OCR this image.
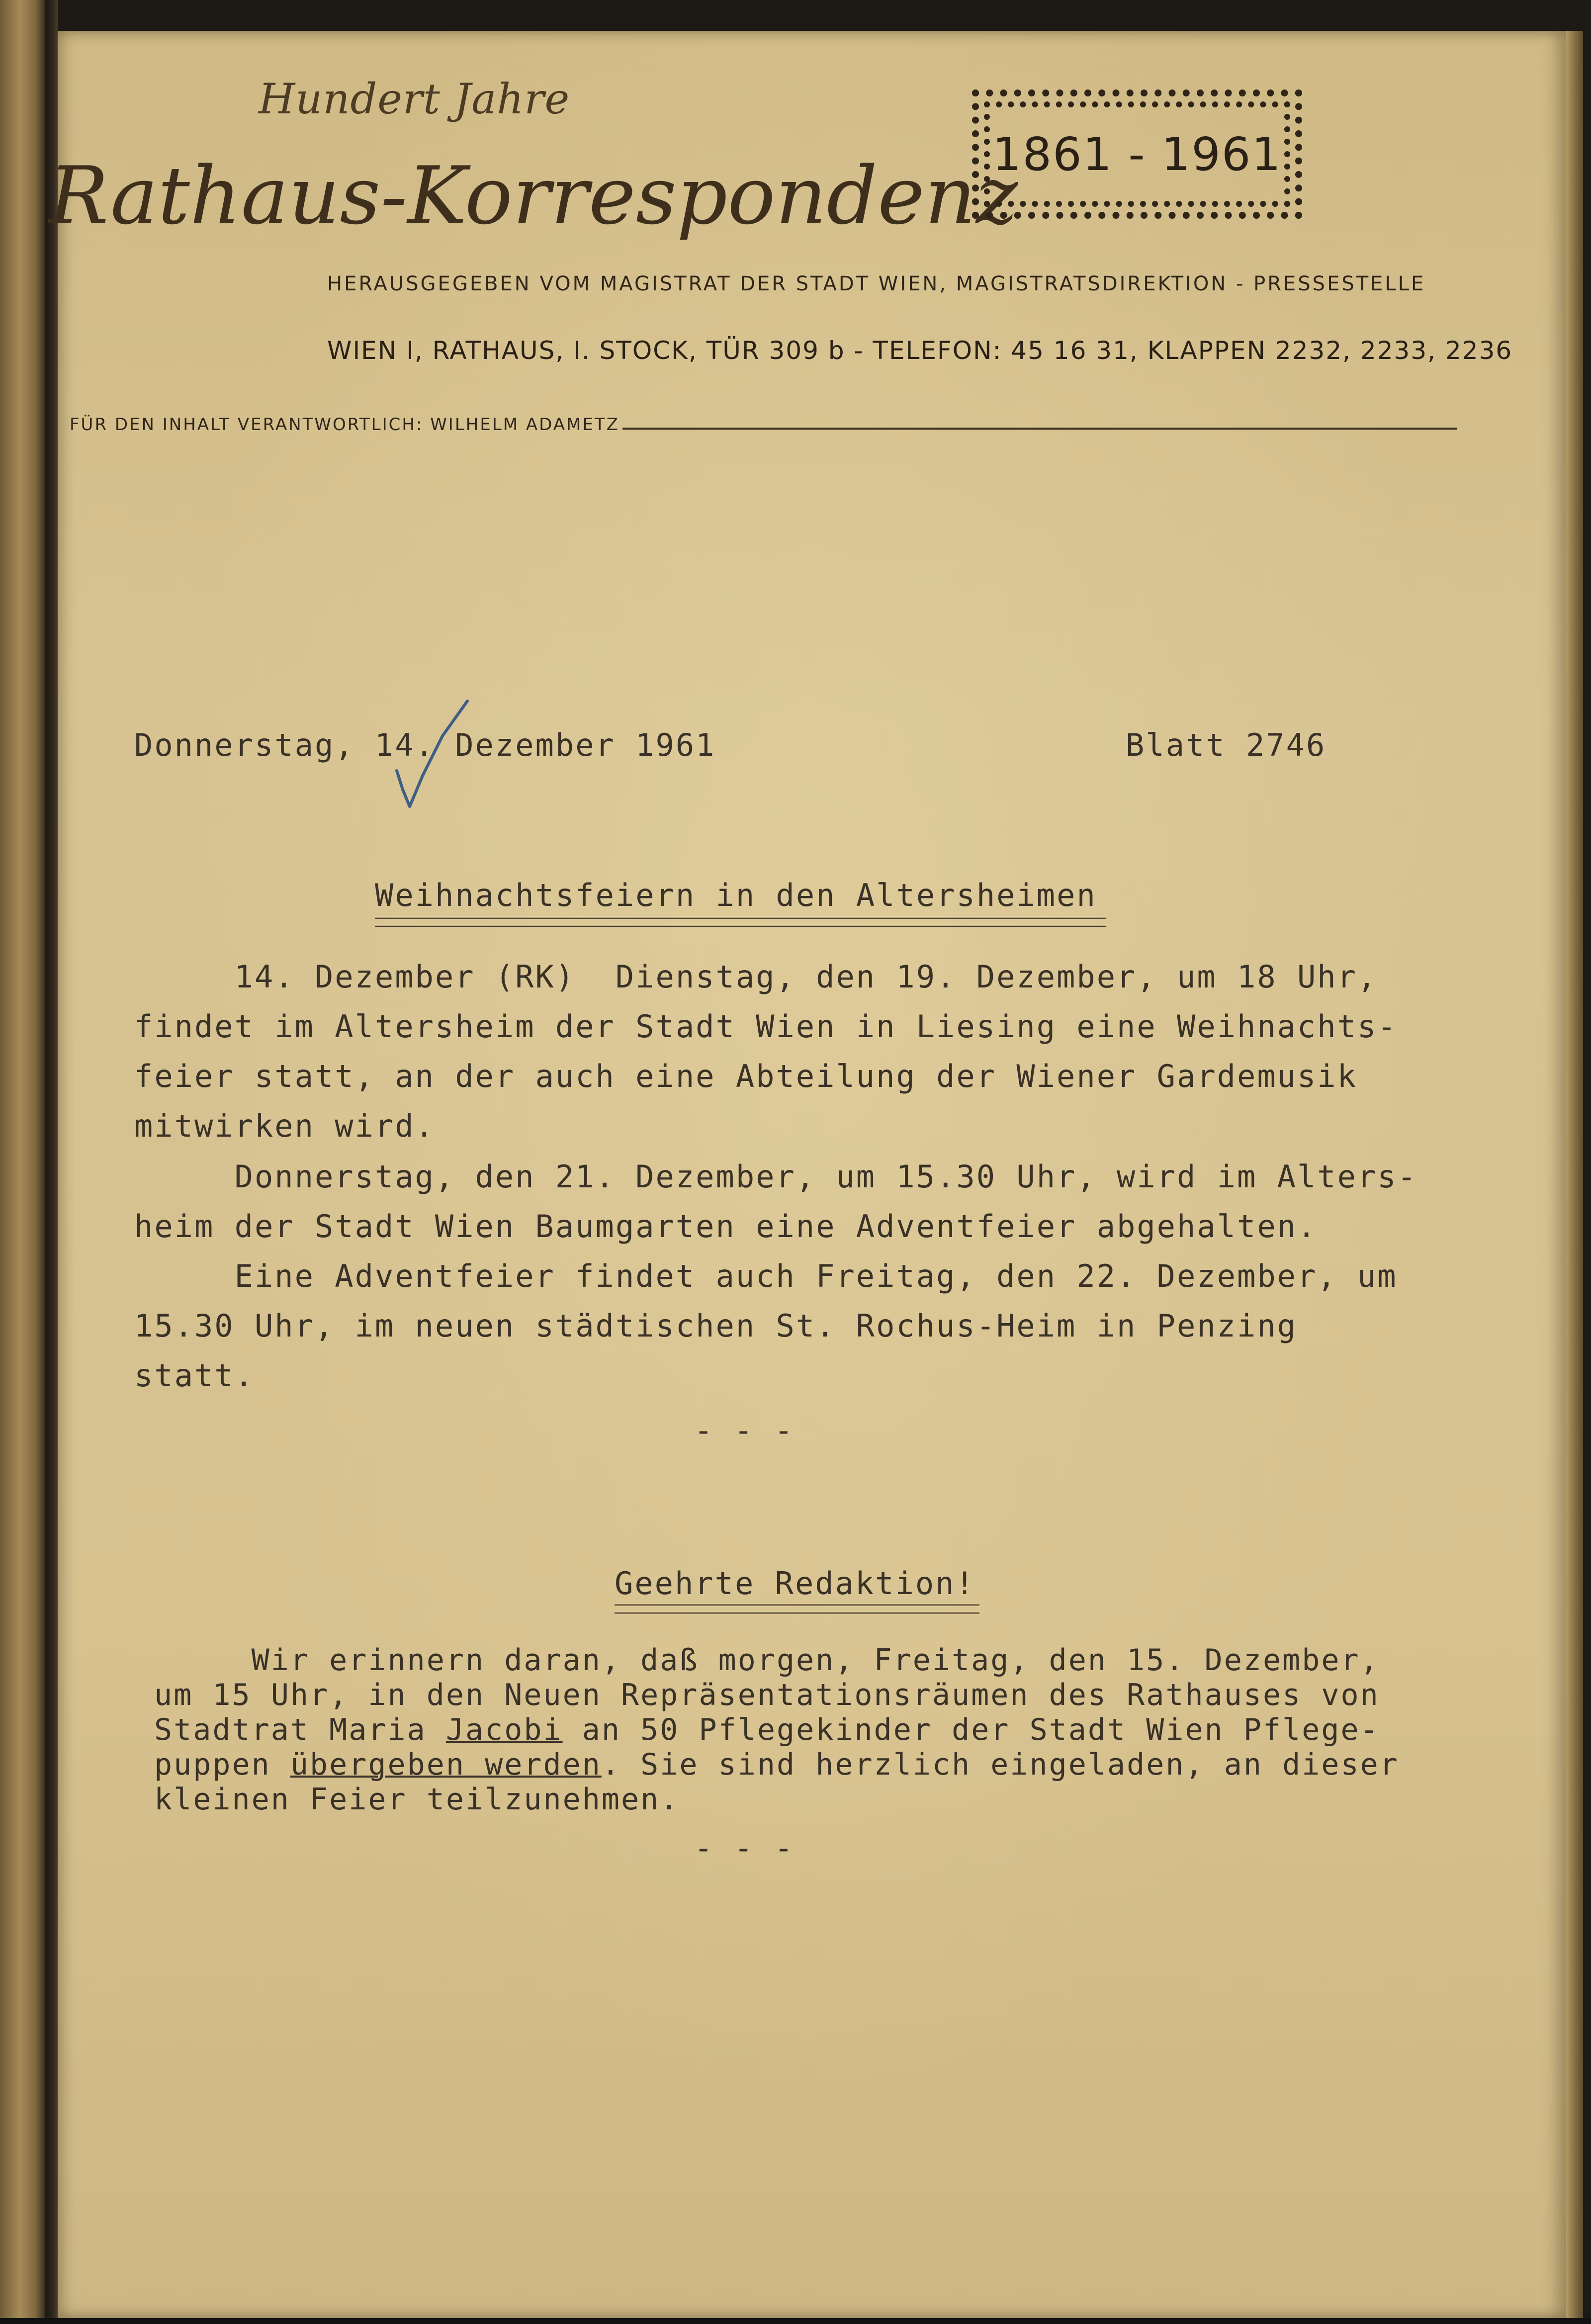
Hundert Jahre
Rathaus-Korrespondenz
1861 - 1961
HERAUSGEGEBEN VOM MAGISTRAT DER STADT WIEN, MAGISTRATSDIREKTION - PRESSESTELLE
WIEN I, RATHAUS, I. STOCK, TÜR 309 b - TELEFON: 45 16 31, KLAPPEN 2232, 2233, 2236
FÜR DEN INHALT VERANTWORTLICH: WILHELM ADAMETZ
Donnerstag, 14. Dezember 1961	Blatt 2746
Weihnachtsfeiern in den Altersheimen
14. Dezember (RK)  Dienstag, den 19. Dezember, um 18 Uhr,
findet im Altersheim der Stadt Wien in Liesing eine Weihnachts-
feier statt, an der auch eine Abteilung der Wiener Gardemusik
mitwirken wird.
Donnerstag, den 21. Dezember, um 15.30 Uhr, wird im Alters-
heim der Stadt Wien Baumgarten eine Adventfeier abgehalten.
Eine Adventfeier findet auch Freitag, den 22. Dezember, um
15.30 Uhr, im neuen städtischen St. Rochus-Heim in Penzing
statt.
- - -
Geehrte Redaktion!
Wir erinnern daran, daß morgen, Freitag, den 15. Dezember,
um 15 Uhr, in den Neuen Repräsentationsräumen des Rathauses von
Stadtrat Maria Jacobi an 50 Pflegekinder der Stadt Wien Pflege-
puppen übergeben werden. Sie sind herzlich eingeladen, an dieser
kleinen Feier teilzunehmen.
- - -
